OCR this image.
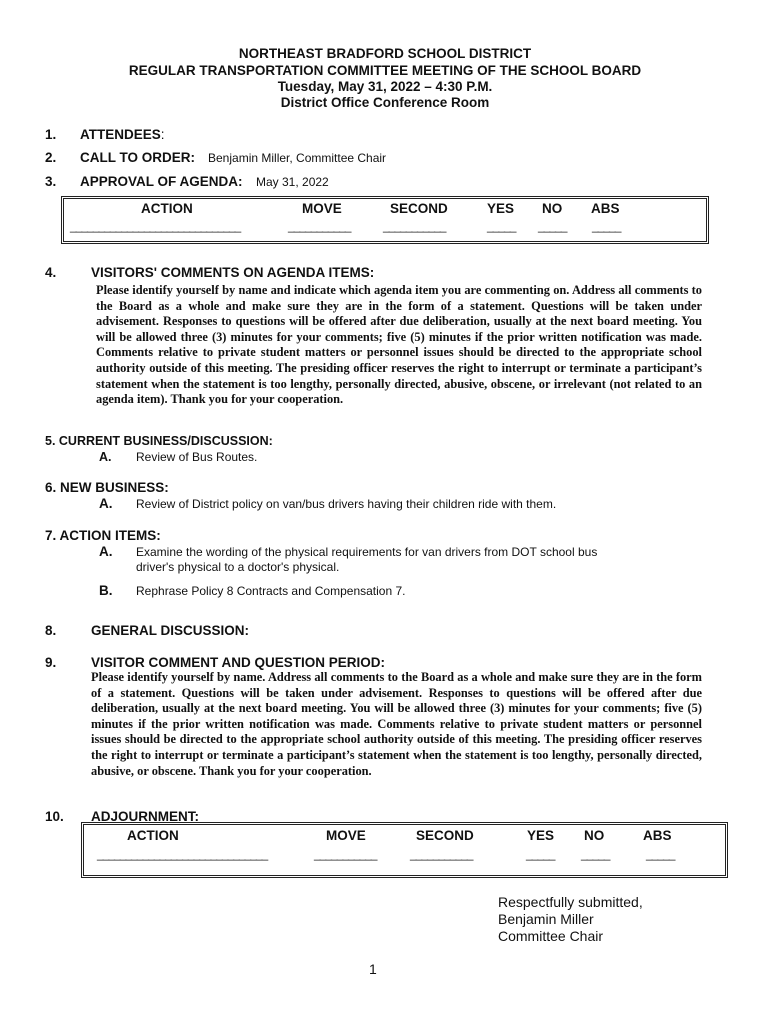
NORTHEAST BRADFORD SCHOOL DISTRICT
REGULAR TRANSPORTATION COMMITTEE MEETING OF THE SCHOOL BOARD
Tuesday, May 31, 2022 – 4:30 P.M.
District Office Conference Room
1. ATTENDEES:
2. CALL TO ORDER: Benjamin Miller, Committee Chair
3. APPROVAL OF AGENDA: May 31, 2022
ACTION	MOVE	SECOND	YES NO ABS
______________________________	___________	___________	_____ _____ _____
4.	VISITORS' COMMENTS ON AGENDA ITEMS:
Please identify yourself by name and indicate which agenda item you are commenting on. Address all comments to the Board as a whole and make sure they are in the form of a statement. Questions will be taken under advisement. Responses to questions will be offered after due deliberation, usually at the next board meeting. You will be allowed three (3) minutes for your comments; five (5) minutes if the prior written notification was made. Comments relative to private student matters or personnel issues should be directed to the appropriate school authority outside of this meeting. The presiding officer reserves the right to interrupt or terminate a participant’s statement when the statement is too lengthy, personally directed, abusive, obscene, or irrelevant (not related to an agenda item). Thank you for your cooperation.
5. CURRENT BUSINESS/DISCUSSION:
A. Review of Bus Routes.
6. NEW BUSINESS:
A. Review of District policy on van/bus drivers having their children ride with them.
7. ACTION ITEMS:
A. Examine the wording of the physical requirements for van drivers from DOT school bus
driver's physical to a doctor's physical.
B. Rephrase Policy 8 Contracts and Compensation 7.
8.	GENERAL DISCUSSION:
9.	VISITOR COMMENT AND QUESTION PERIOD:
Please identify yourself by name. Address all comments to the Board as a whole and make sure they are in the form of a statement. Questions will be taken under advisement. Responses to questions will be offered after due deliberation, usually at the next board meeting. You will be allowed three (3) minutes for your comments; five (5) minutes if the prior written notification was made. Comments relative to private student matters or personnel issues should be directed to the appropriate school authority outside of this meeting. The presiding officer reserves the right to interrupt or terminate a participant’s statement when the statement is too lengthy, personally directed, abusive, or obscene. Thank you for your cooperation.
10. ADJOURNMENT:
ACTION	MOVE	SECOND	YES NO	ABS
______________________________	___________	___________	_____ _____	_____
Respectfully submitted,
Benjamin Miller
Committee Chair
1
